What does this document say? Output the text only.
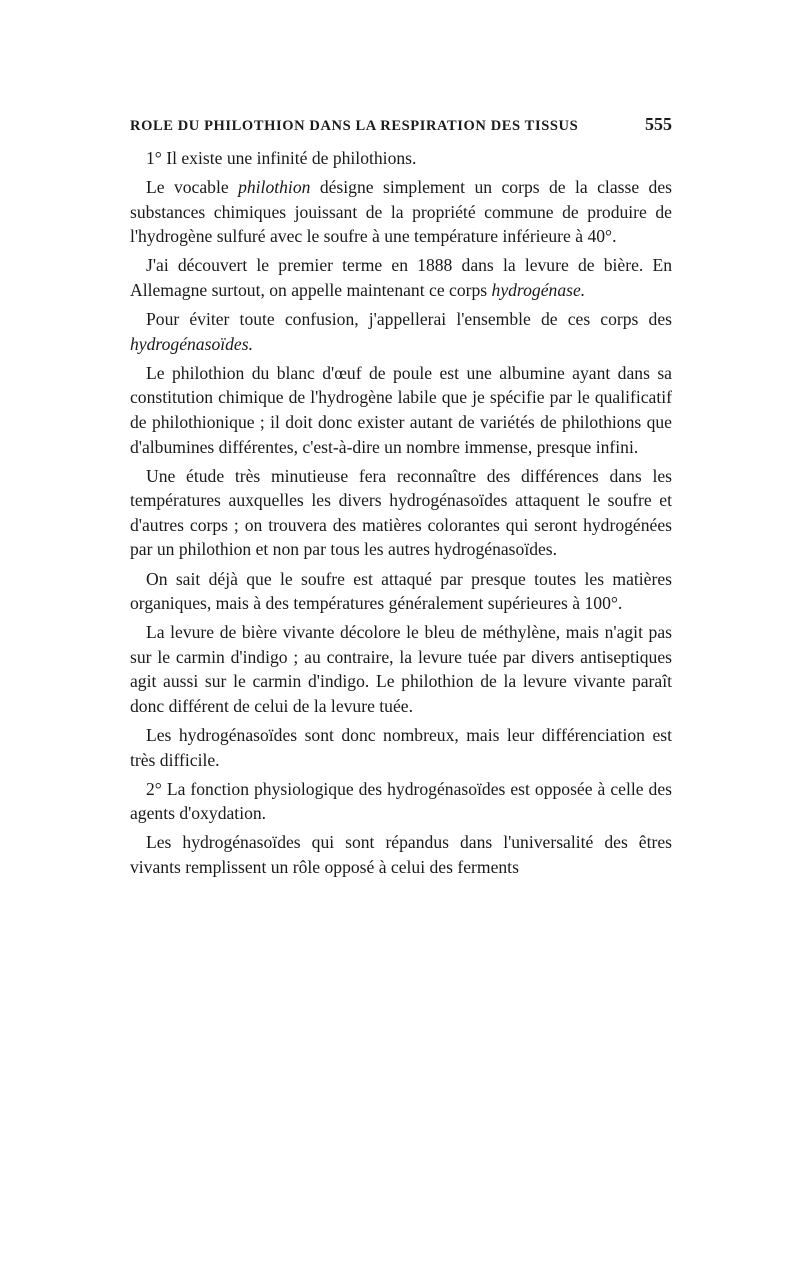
ROLE DU PHILOTHION DANS LA RESPIRATION DES TISSUS	555

1° Il existe une infinité de philothions.

Le vocable philothion désigne simplement un corps de la classe des substances chimiques jouissant de la propriété commune de produire de l'hydrogène sulfuré avec le soufre à une température inférieure à 40°.

J'ai découvert le premier terme en 1888 dans la levure de bière. En Allemagne surtout, on appelle maintenant ce corps hydrogénase.

Pour éviter toute confusion, j'appellerai l'ensemble de ces corps des hydrogénasoïdes.

Le philothion du blanc d'œuf de poule est une albumine ayant dans sa constitution chimique de l'hydrogène labile que je spécifie par le qualificatif de philothionique ; il doit donc exister autant de variétés de philothions que d'albumines différentes, c'est-à-dire un nombre immense, presque infini.

Une étude très minutieuse fera reconnaître des différences dans les températures auxquelles les divers hydrogénasoïdes attaquent le soufre et d'autres corps ; on trouvera des matières colorantes qui seront hydrogénées par un philothion et non par tous les autres hydrogénasoïdes.

On sait déjà que le soufre est attaqué par presque toutes les matières organiques, mais à des températures généralement supérieures à 100°.

La levure de bière vivante décolore le bleu de méthylène, mais n'agit pas sur le carmin d'indigo ; au contraire, la levure tuée par divers antiseptiques agit aussi sur le carmin d'indigo. Le philothion de la levure vivante paraît donc différent de celui de la levure tuée.

Les hydrogénasoïdes sont donc nombreux, mais leur différenciation est très difficile.

2° La fonction physiologique des hydrogénasoïdes est opposée à celle des agents d'oxydation.

Les hydrogénasoïdes qui sont répandus dans l'universalité des êtres vivants remplissent un rôle opposé à celui des ferments
